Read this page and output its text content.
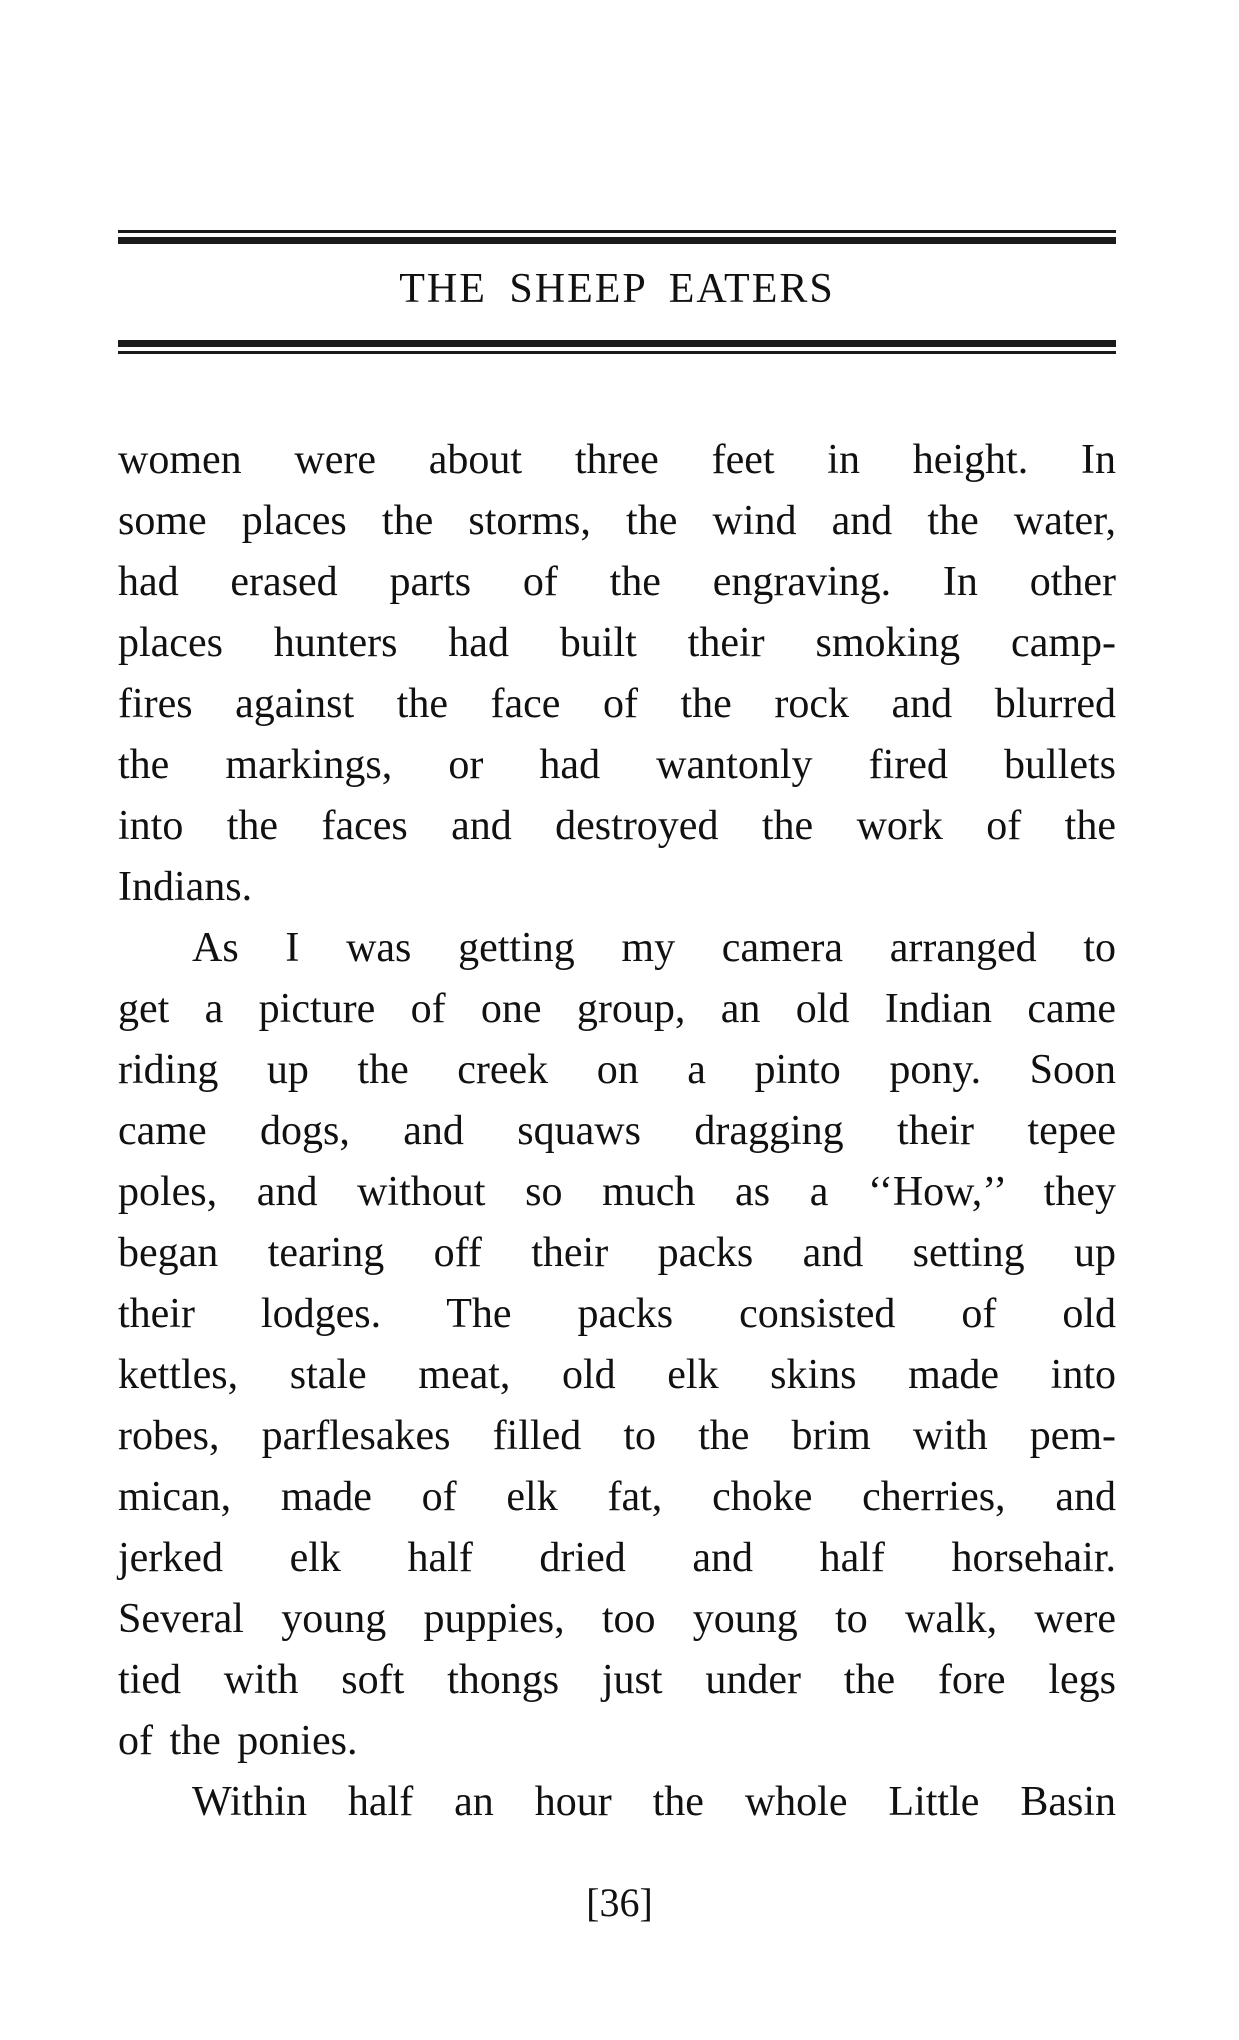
THE SHEEP EATERS
women were about three feet in height. In
some places the storms, the wind and the water,
had erased parts of the engraving. In other
places hunters had built their smoking camp-
fires against the face of the rock and blurred
the markings, or had wantonly fired bullets
into the faces and destroyed the work of the
Indians.
As I was getting my camera arranged to
get a picture of one group, an old Indian came
riding up the creek on a pinto pony. Soon
came dogs, and squaws dragging their tepee
poles, and without so much as a ‘‘How,’’ they
began tearing off their packs and setting up
their lodges. The packs consisted of old
kettles, stale meat, old elk skins made into
robes, parflesakes filled to the brim with pem-
mican, made of elk fat, choke cherries, and
jerked elk half dried and half horsehair.
Several young puppies, too young to walk, were
tied with soft thongs just under the fore legs
of the ponies.
Within half an hour the whole Little Basin
[36]
